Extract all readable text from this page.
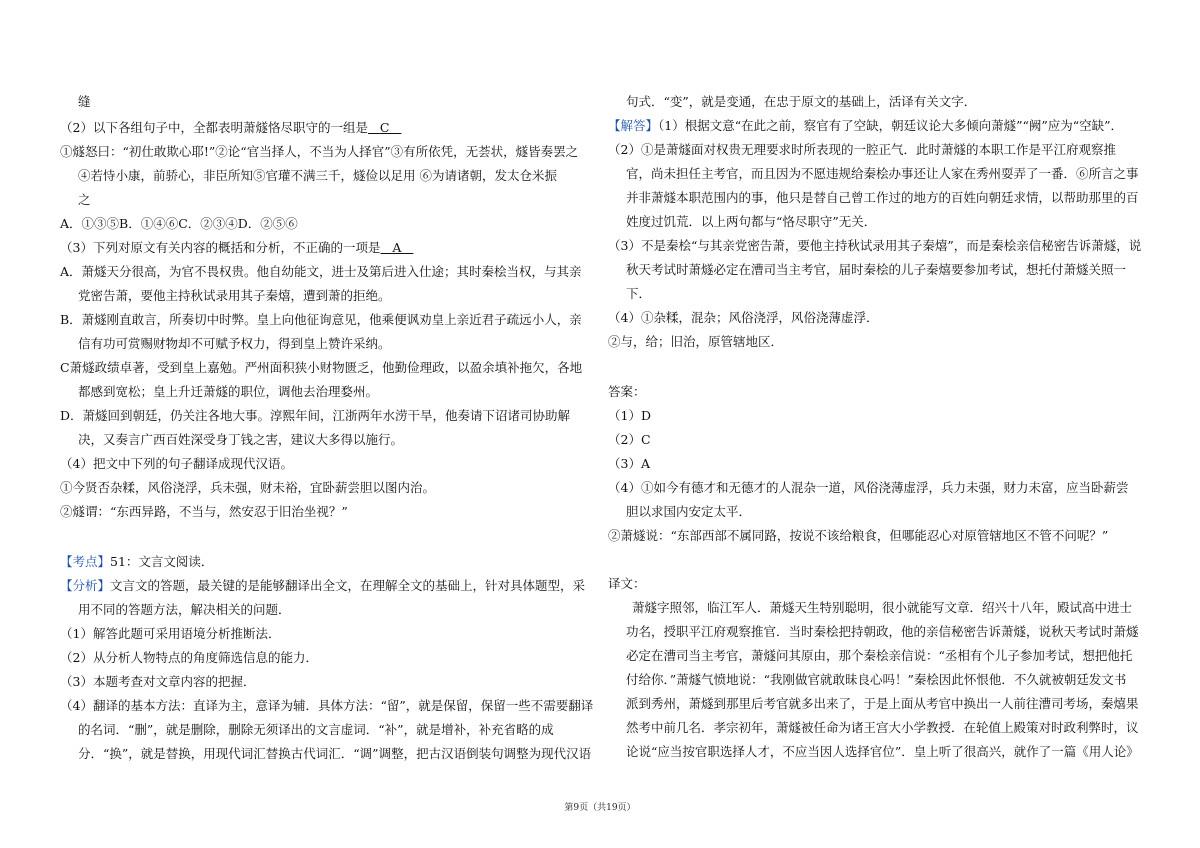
缝
（2）以下各组句子中，全都表明萧燧恪尽职守的一组是 C
①燧怒曰：“初仕敢欺心耶!”②论“官当择人，不当为人择官”③有所依凭，无荟状，燧皆奏罢之
④若恃小康，前骄心，非臣所知⑤官瓘不满三千，燧俭以足用 ⑥为请诸朝，发太仓米振
之
A．①③⑤B．①④⑥C．②③④D．②⑤⑥
（3）下列对原文有关内容的概括和分析，不正确的一项是 A
A．萧燧天分很高，为官不畏权贵。他自幼能文，进士及第后进入仕途；其时秦桧当权，与其亲
党密告萧，要他主持秋试录用其子秦熺，遭到萧的拒绝。
B．萧燧刚直敢言，所奏切中时弊。皇上向他征询意见，他乘便讽劝皇上亲近君子疏远小人，亲
信有功可赏赐财物却不可赋予权力，得到皇上赞许采纳。
C萧燧政绩卓著，受到皇上嘉勉。严州面积狭小财物匮乏，他勤俭理政，以盈余填补拖欠，各地
都感到宽松；皇上升迁萧燧的职位，调他去治理婺州。
D．萧燧回到朝廷，仍关注各地大事。淳熙年间，江浙两年水涝干旱，他奏请下诏诸司协助解
决，又奏言广西百姓深受身丁钱之害，建议大多得以施行。
（4）把文中下列的句子翻译成现代汉语。
①今贤否杂糅，风俗浇浮，兵未强，财未裕，宜卧薪尝胆以图内治。
②燧谓：“东西异路，不当与，然安忍于旧治坐视？”
【考点】51：文言文阅读．
【分析】文言文的答题，最关键的是能够翻译出全文，在理解全文的基础上，针对具体题型，采
用不同的答题方法，解决相关的问题．
（1）解答此题可采用语境分析推断法．
（2）从分析人物特点的角度筛选信息的能力．
（3）本题考查对文章内容的把握．
（4）翻译的基本方法：直译为主，意译为辅．具体方法：“留”，就是保留，保留一些不需要翻译
的名词．“删”，就是删除，删除无须译出的文言虚词．“补”，就是增补，补充省略的成
分．“换”，就是替换，用现代词汇替换古代词汇．“调”调整，把古汉语倒装句调整为现代汉语
句式．“变”，就是变通，在忠于原文的基础上，活译有关文字．
【解答】（1）根据文意“在此之前，察官有了空缺，朝廷议论大多倾向萧燧”“阙”应为“空缺”．
（2）①是萧燧面对权贵无理要求时所表现的一腔正气．此时萧燧的本职工作是平江府观察推
官，尚未担任主考官，而且因为不愿违规给秦桧办事还让人家在秀州耍弄了一番．⑥所言之事
并非萧燧本职范围内的事，他只是替自己曾工作过的地方的百姓向朝廷求情，以帮助那里的百
姓度过饥荒．以上两句都与“恪尽职守”无关．
（3）不是秦桧“与其亲党密告萧，要他主持秋试录用其子秦熺”，而是秦桧亲信秘密告诉萧燧，说
秋天考试时萧燧必定在漕司当主考官，届时秦桧的儿子秦熺要参加考试，想托付萧燧关照一
下．
（4）①杂糅，混杂；风俗浇浮，风俗浇薄虚浮．
②与，给；旧治，原管辖地区．
答案：
（1）D
（2）C
（3）A
（4）①如今有德才和无德才的人混杂一道，风俗浇薄虚浮，兵力未强，财力未富，应当卧薪尝
胆以求国内安定太平．
②萧燧说：“东部西部不属同路，按说不该给粮食，但哪能忍心对原管辖地区不管不问呢？”
译文：
萧燧字照邻，临江军人．萧燧天生特别聪明，很小就能写文章．绍兴十八年，殿试高中进士
功名，授职平江府观察推官．当时秦桧把持朝政，他的亲信秘密告诉萧燧，说秋天考试时萧燧
必定在漕司当主考官，萧燧问其原由，那个秦桧亲信说：“丞相有个儿子参加考试，想把他托
付给你．”萧燧气愤地说：“我刚做官就敢昧良心吗！”秦桧因此怀恨他．不久就被朝廷发文书
派到秀州，萧燧到那里后考官就多出来了，于是上面从考官中换出一人前往漕司考场，秦熺果
然考中前几名．孝宗初年，萧燧被任命为诸王宫大小学教授．在轮值上殿策对时政利弊时，议
论说“应当按官职选择人才，不应当因人选择官位”．皇上听了很高兴，就作了一篇《用人论》
第9页（共19页）
